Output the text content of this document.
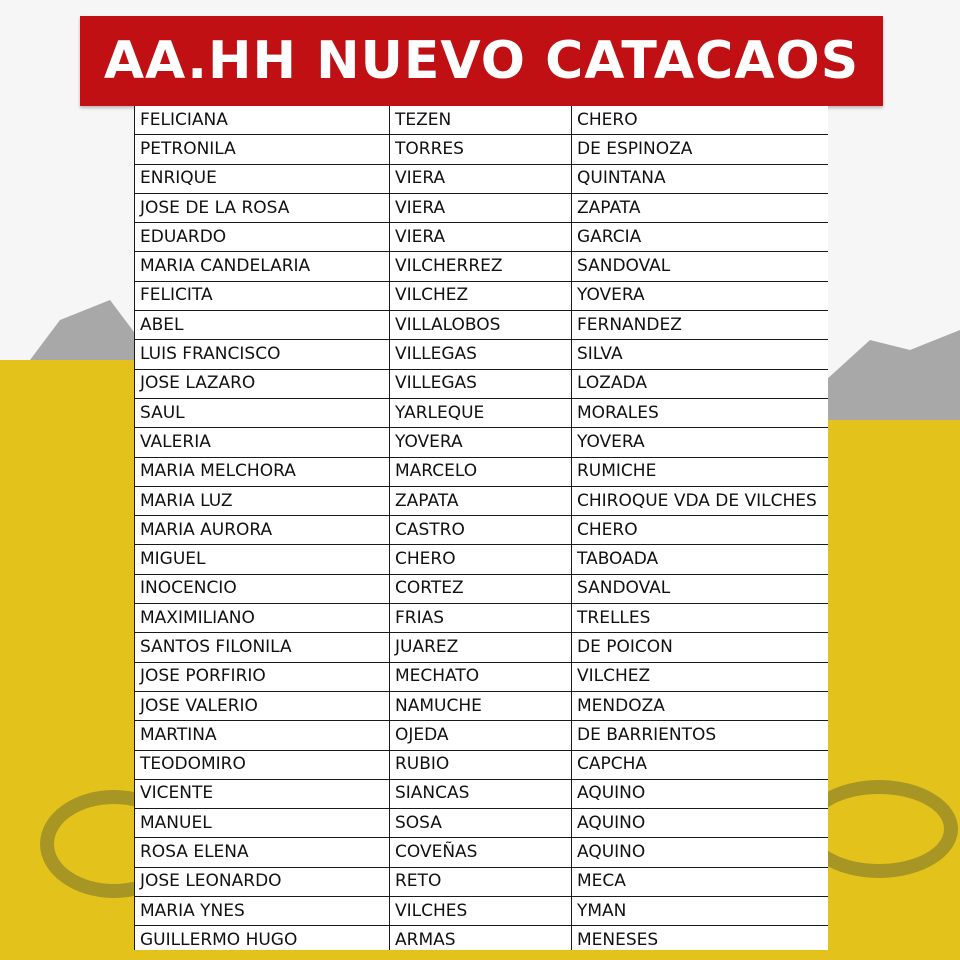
AA.HH NUEVO CATACAOS
FELICIANA	TEZEN	CHERO
PETRONILA	TORRES	DE ESPINOZA
ENRIQUE	VIERA	QUINTANA
JOSE DE LA ROSA	VIERA	ZAPATA
EDUARDO	VIERA	GARCIA
MARIA CANDELARIA	VILCHERREZ	SANDOVAL
FELICITA	VILCHEZ	YOVERA
ABEL	VILLALOBOS	FERNANDEZ
LUIS FRANCISCO	VILLEGAS	SILVA
JOSE LAZARO	VILLEGAS	LOZADA
SAUL	YARLEQUE	MORALES
VALERIA	YOVERA	YOVERA
MARIA MELCHORA	MARCELO	RUMICHE
MARIA LUZ	ZAPATA	CHIROQUE VDA DE VILCHES
MARIA AURORA	CASTRO	CHERO
MIGUEL	CHERO	TABOADA
INOCENCIO	CORTEZ	SANDOVAL
MAXIMILIANO	FRIAS	TRELLES
SANTOS FILONILA	JUAREZ	DE POICON
JOSE PORFIRIO	MECHATO	VILCHEZ
JOSE VALERIO	NAMUCHE	MENDOZA
MARTINA	OJEDA	DE BARRIENTOS
TEODOMIRO	RUBIO	CAPCHA
VICENTE	SIANCAS	AQUINO
MANUEL	SOSA	AQUINO
ROSA ELENA	COVEÑAS	AQUINO
JOSE LEONARDO	RETO	MECA
MARIA YNES	VILCHES	YMAN
GUILLERMO HUGO	ARMAS	MENESES
